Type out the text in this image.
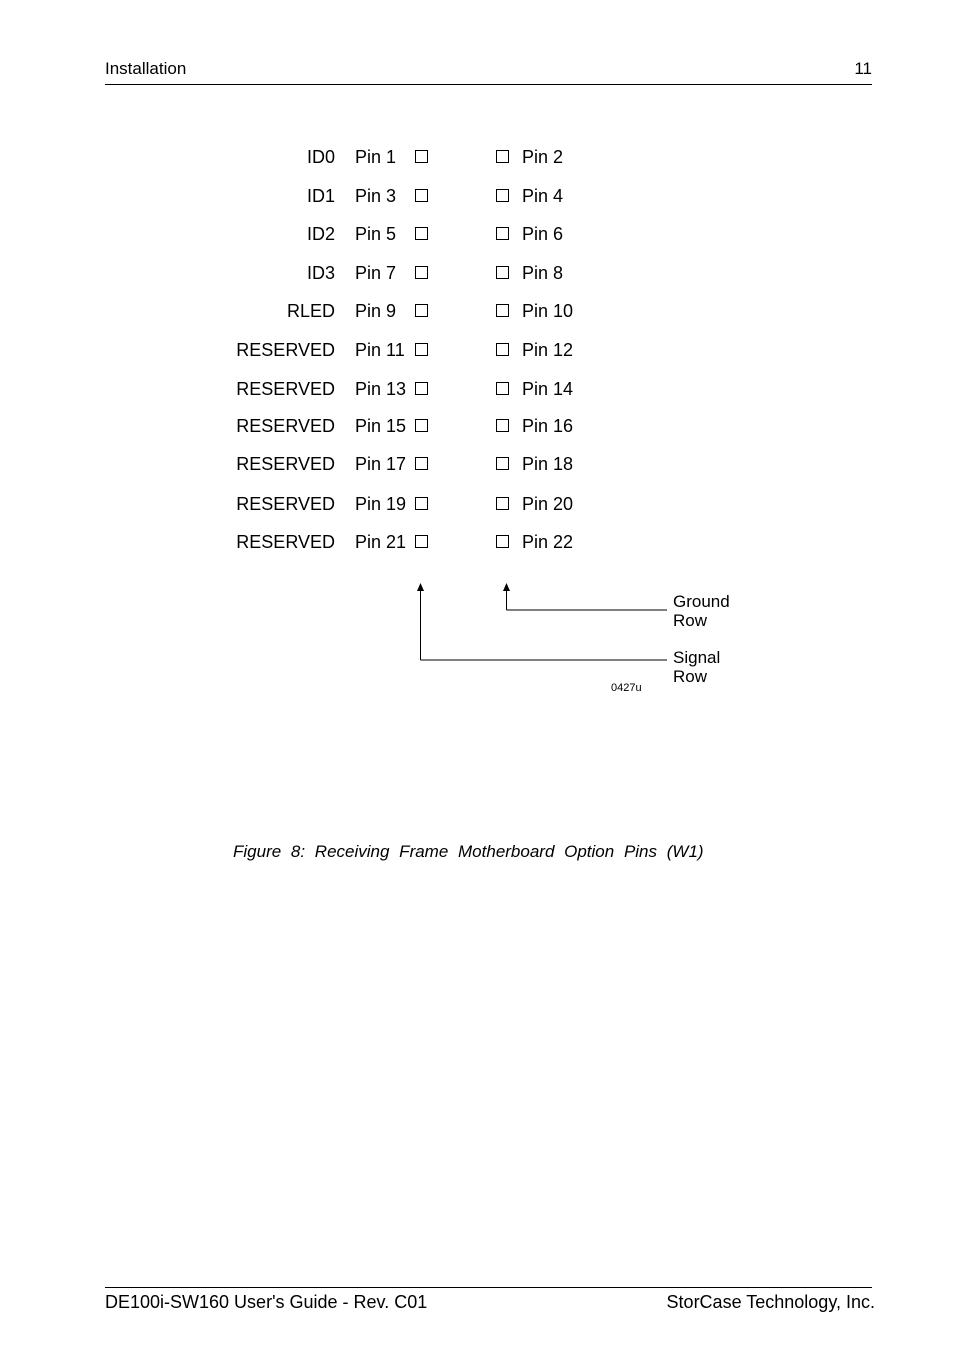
Installation	11
ID0 Pin 1	Pin 2
ID1 Pin 3	Pin 4
ID2 Pin 5	Pin 6
ID3 Pin 7	Pin 8
RLED Pin 9	Pin 10
RESERVED Pin 11	Pin 12
RESERVED Pin 13	Pin 14
RESERVED Pin 15	Pin 16
RESERVED Pin 17	Pin 18
RESERVED Pin 19	Pin 20
RESERVED Pin 21	Pin 22
Ground
Row
Signal
Row
0427u
Figure 8: Receiving Frame Motherboard Option Pins (W1)
DE100i-SW160 User's Guide - Rev. C01	StorCase Technology, Inc.
